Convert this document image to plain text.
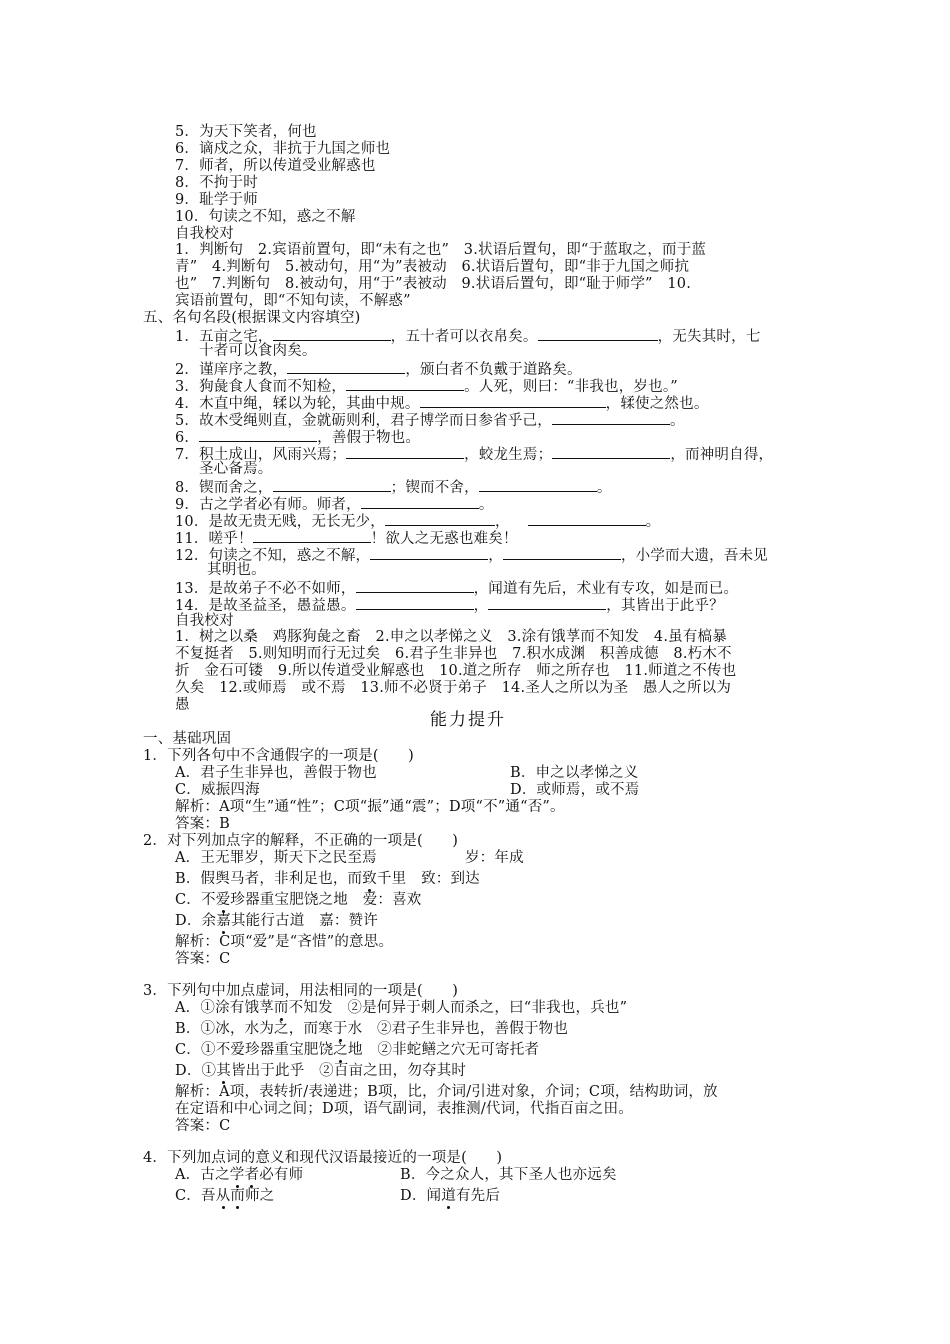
5．为天下笑者，何也
6．谪戍之众，非抗于九国之师也
7．师者，所以传道受业解惑也
8．不拘于时
9．耻学于师
10．句读之不知，惑之不解
自我校对
1．判断句　2.宾语前置句，即“未有之也”　3.状语后置句，即“于蓝取之，而于蓝
青”　4.判断句　5.被动句，用“为”表被动　6.状语后置句，即“非于九国之师抗
也”　7.判断句　8.被动句，用“于”表被动　9.状语后置句，即“耻于师学”　10.
宾语前置句，即“不知句读，不解惑”
五、名句名段(根据课文内容填空)
1．五亩之宅，	，五十者可以衣帛矣。	，无失其时，七
十者可以食肉矣。
2．谨庠序之教，	，颁白者不负戴于道路矣。
3．狗彘食人食而不知检，	。人死，则曰：“非我也，岁也。”
4．木直中绳，𫐓以为轮，其曲中规。	，𫐓使之然也。
5．故木受绳则直，金就砺则利，君子博学而日参省乎己，	。
6．	，善假于物也。
7．积土成山，风雨兴焉；	，蛟龙生焉；	，而神明自得，
圣心备焉。
8．锲而舍之，	；锲而不舍，	。
9．古之学者必有师。师者，	。
10．是故无贵无贱，无长无少，	，	。
11．嗟乎！	！欲人之无惑也难矣！
12．句读之不知，惑之不解，	，	，小学而大遗，吾未见
其明也。
13．是故弟子不必不如师，	，闻道有先后，术业有专攻，如是而已。
14．是故圣益圣，愚益愚。	，	，其皆出于此乎？
自我校对
1．树之以桑　鸡豚狗彘之畜　2.申之以孝悌之义　3.涂有饿莩而不知发　4.虽有槁暴
不复挺者　5.则知明而行无过矣　6.君子生非异也　7.积水成渊　积善成德　8.朽木不
折　金石可镂　9.所以传道受业解惑也　10.道之所存　师之所存也　11.师道之不传也
久矣　12.或师焉　或不焉　13.师不必贤于弟子　14.圣人之所以为圣　愚人之所以为
愚
能力提升
一、基础巩固
1．下列各句中不含通假字的一项是(　　)
A．君子生非异也，善假于物也	B．申之以孝悌之义
C．威振四海	D．或师焉，或不焉
解析：A项“生”通“性”；C项“振”通“震”；D项“不”通“否”。
答案：B
2．对下列加点字的解释，不正确的一项是(　　)
A．王无罪岁，斯天下之民至焉　　　　　　岁：年成
B．假舆马者，非利足也，而致千里　致：到达
C．不爱珍器重宝肥饶之地　爱：喜欢
D．余嘉其能行古道　嘉：赞许
解析：C项“爱”是“吝惜”的意思。
答案：C
3．下列句中加点虚词，用法相同的一项是(　　)
A．①涂有饿莩而不知发　②是何异于刺人而杀之，曰“非我也，兵也”
B．①冰，水为之，而寒于水　②君子生非异也，善假于物也
C．①不爱珍器重宝肥饶之地　②非蛇鳝之穴无可寄托者
D．①其皆出于此乎　②百亩之田，勿夺其时
解析：A项，表转折/表递进；B项，比，介词/引进对象，介词；C项，结构助词，放
在定语和中心词之间；D项，语气副词，表推测/代词，代指百亩之田。
答案：C
4．下列加点词的意义和现代汉语最接近的一项是(　　)
A．古之学者必有师	B．今之众人，其下圣人也亦远矣
C．吾从而师之	D．闻道有先后
